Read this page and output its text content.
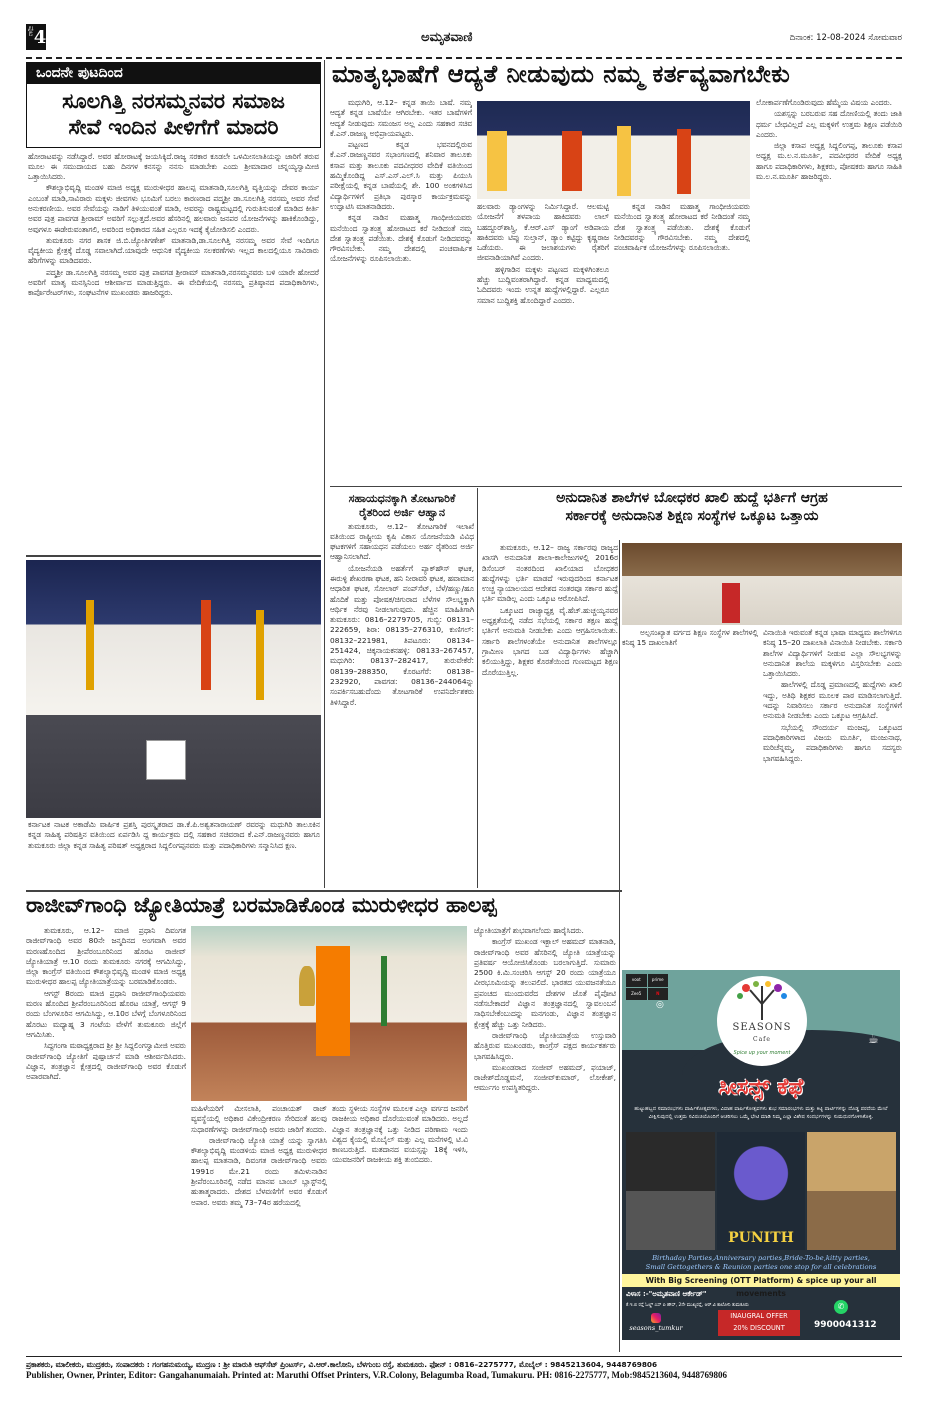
ಪುಟ
4	ಅಮೃತವಾಣಿ	ದಿನಾಂಕ: 12-08-2024 ಸೋಮವಾರ
ಒಂದನೇ ಪುಟದಿಂದ
ಸೂಲಗಿತ್ತಿ ನರಸಮ್ಮನವರ ಸಮಾಜ
ಸೇವೆ ಇಂದಿನ ಪೀಳಿಗೆಗೆ ಮಾದರಿ

ಹೋರಾಟವನ್ನು ನಡೆಸಿದ್ದಾರೆ. ಅವರ ಹೋರಾಟಕ್ಕೆ ಜಯಸಿಕ್ಕಿದೆ.ರಾಜ್ಯ ಸರಕಾರ ಕೂಡಲೇ ಒಳಮೀಸಲಾತಿಯನ್ನು ಜಾರಿಗೆ ತರುವ ಮೂಲ ಈ ಸಮುದಾಯದ ಬಹು ದಿನಗಳ ಕನಸನ್ನು ನನಸು ಮಾಡಬೇಕು ಎಂದು ಶ್ರೀಮಾದಾರ ಚನ್ನಯ್ಯಸ್ವಾಮೀಜಿ ಒತ್ತಾಯಿಸಿದರು.

ಕೌಶಲ್ಯಾಭಿವೃದ್ದಿ ಮಂಡಳಿ ಮಾಜಿ ಅಧ್ಯಕ್ಷ ಮುರುಳೀಧರ ಹಾಲಪ್ಪ ಮಾತನಾಡಿ,ಸೂಲಗಿತ್ತಿ ವೃತ್ತಿಯನ್ನು ದೇವರ ಕಾರ್ಯ ಎಂಬಂತೆ ಮಾಡಿ,ಸಾವಿರಾರು ಮಕ್ಕಳು ಜೀವಗಳು ಭೂಮಿಗೆ ಬರಲು ಕಾರಣರಾದ ಪದ್ಮಶ್ರೀ ಡಾ.ಸೂಲಗಿತ್ತಿ ನರಸಮ್ಮ ಅವರ ಸೇವೆ ಅನುಕರಣೀಯ. ಅವರ ಸೇವೆಯನ್ನು ನಾಡಿಗೆ ತಿಳಿಯುವಂತೆ ಮಾಡಿ, ಅವರನ್ನು ರಾಷ್ಟ್ರಮಟ್ಟದಲ್ಲಿ ಗುರುತಿಸುವಂತೆ ಮಾಡಿದ ಕೀರ್ತಿ ಅವರ ಪುತ್ರ ಪಾವಗಡ ಶ್ರೀರಾಮ್ ಅವರಿಗೆ ಸಲ್ಲುತ್ತದೆ.ಅವರ ಹೆಸರಿನಲ್ಲಿ ಹಲವಾರು ಜನಪರ ಯೋಜನೆಗಳನ್ನು ಹಾಕಿಕೊಂಡಿದ್ದು, ಅವುಗಳೂ ಈಡೇರುವಂತಾಗಲಿ, ಅವರಿಂದ ಅಧಿಕಾರದ ಸಹಿತ ಎಲ್ಲರೂ ಇದಕ್ಕೆ ಕೈಜೋಡಿಸಲಿ ಎಂದರು.

ತುಮಕೂರು ನಗರ ಶಾಸಕ ಜಿ.ಬಿ.ಜ್ಯೋತಿಗಣೇಶ್ ಮಾತನಾಡಿ,ಡಾ.ಸೂಲಗಿತ್ತಿ ನರಸಮ್ಮ ಅವರ ಸೇವೆ ಇಂದಿಗೂ ವೈದ್ಯಕೀಯ ಕ್ಷೇತ್ರಕ್ಕೆ ದೊಡ್ಡ ಸವಾಲಾಗಿದೆ.ಯಾವುದೇ ಆಧುನಿಕ ವೈದ್ಯಕೀಯ ಸಲಕರಣೆಗಳು ಇಲ್ಲದ ಕಾಲದಲ್ಲಿಯೂ ಸಾವಿರಾರು ಹೆರಿಗೆಗಳನ್ನು ಮಾಡಿದವರು.

ಪದ್ಮಶ್ರೀ ಡಾ.ಸೂಲಗಿತ್ತಿ ನರಸಮ್ಮ ಅವರ ಪುತ್ರ ಪಾವಗಡ ಶ್ರೀರಾಮ್ ಮಾತನಾಡಿ,ನರಸಮ್ಮನವರು ಬಳಿ ಯಾರೇ ಹೋದರೆ ಅವರಿಗೆ ಮಾತೃ ಮನಸ್ಸಿನಿಂದ ಆಶೀರ್ವಾದ ಮಾಡುತ್ತಿದ್ದರು. ಈ ವೇದಿಕೆಯಲ್ಲಿ ನರಸಮ್ಮ ಪ್ರತಿಷ್ಠಾನದ ಪದಾಧಿಕಾರಿಗಳು, ಕಾರ್ಪೊರೇಟರ್‌ಗಳು, ಸಂಘಟನೆಗಳ ಮುಖಂಡರು ಹಾಜರಿದ್ದರು.

ಕರ್ನಾಟಕ ನಾಟಕ ಅಕಾಡೆಮಿ ವಾರ್ಷಿಕ ಪ್ರಶಸ್ತಿ ಪುರಸ್ಕೃತರಾದ ಡಾ.ಕೆ.ಪಿ.ಅಶ್ವತನಾರಾಯಣ್ ರವರನ್ನು ಮಧುಗಿರಿ ತಾಲೂಕಿನ ಕನ್ನಡ ಸಾಹಿತ್ಯ ಪರಿಷತ್ತಿನ ವತಿಯಿಂದ ಏರ್ಪಡಿಸಿ ದ್ದ ಕಾರ್ಯಕ್ರಮ ದಲ್ಲಿ ಸಹಕಾರ ಸಚಿವರಾದ ಕೆ.ಎನ್.ರಾಜಣ್ಣನವರು ಹಾಗೂ ತುಮಕೂರು ಜಿಲ್ಲಾ ಕನ್ನಡ ಸಾಹಿತ್ಯ ಪರಿಷತ್ ಅಧ್ಯಕ್ಷರಾದ ಸಿದ್ದಲಿಂಗಪ್ಪನವರು ಮತ್ತು ಪದಾಧಿಕಾರಿಗಳು ಸನ್ಮಾನಿಸಿದ ಕ್ಷಣ.
ಮಾತೃಭಾಷೆಗೆ ಆದ್ಯತೆ ನೀಡುವುದು ನಮ್ಮ ಕರ್ತವ್ಯವಾಗಬೇಕು

ಮಧುಗಿರಿ, ಆ.12– ಕನ್ನಡ ತಾಯಿ ಬಾಷೆ. ನಮ್ಮ ಆದ್ಯತೆ ಕನ್ನಡ ಬಾಷೆಯೇ ಆಗಿರಬೇಕು. ಇತರ ಬಾಷೆಗಳಿಗೆ ಆದ್ಯತೆ ನೀಡುವುದು ಸಮಂಜಸ ಅಲ್ಲ ಎಂದು ಸಹಕಾರ ಸಚಿವ ಕೆ.ಎನ್.ರಾಜಣ್ಣ ಅಭಿಪ್ರಾಯಪಟ್ಟರು.

ಪಟ್ಟಣದ ಕನ್ನಡ ಭವನದಲ್ಲಿರುವ ಕೆ.ಎನ್.ರಾಜಣ್ಣನವರ ಸಭಾಂಗಣದಲ್ಲಿ ಶನಿವಾರ ತಾಲೂಕು ಕಸಾಪ ಮತ್ತು ತಾಲೂಕು ಪದವೀಧರರ ವೇದಿಕೆ ವತಿಯಿಂದ ಹಮ್ಮಿಕೊಂಡಿದ್ದ ಎಸ್.ಎಸ್.ಎಲ್.ಸಿ ಮತ್ತು ಪಿಯುಸಿ ಪರೀಕ್ಷೆಯಲ್ಲಿ ಕನ್ನಡ ಬಾಷೆಯಲ್ಲಿ ಶೇ. 100 ಅಂಕಗಳಿಸಿದ ವಿದ್ಯಾರ್ಥಿಗಳಿಗೆ ಪ್ರತಿಭಾ ಪುರಸ್ಕಾರ ಕಾರ್ಯಕ್ರಮವನ್ನು ಉದ್ಘಾಟಿಸಿ ಮಾತನಾಡಿದರು.

ಕನ್ನಡ ನಾಡಿನ ಮಹಾತ್ಮ ಗಾಂಧೀಜಿಯವರು ಮನೆಯಿಂದ ಸ್ವಾತಂತ್ರ್ಯ ಹೋರಾಟದ ಕರೆ ನೀಡಿದಂತೆ ನಮ್ಮ ದೇಶ ಸ್ವಾತಂತ್ರ್ಯ ಪಡೆಯಿತು. ದೇಶಕ್ಕೆ ಕೊಡುಗೆ ನೀಡಿದವರನ್ನು ಗೌರವಿಸಬೇಕು. ನಮ್ಮ ದೇಶದಲ್ಲಿ ಪಂಚವಾರ್ಷಿಕ ಯೋಜನೆಗಳನ್ನು ರೂಪಿಸಲಾಯಿತು.

ಹಲವಾರು ಡ್ಯಾಂಗಳನ್ನು ನಿರ್ಮಿಸಿದ್ದಾರೆ. ಆಲಮಟ್ಟಿ ಯೋಜನೆಗೆ ತಳಪಾಯ ಹಾಕಿದವರು ಲಾಲ್ ಬಹದ್ದೂರ್‌ಶಾಸ್ತ್ರಿ, ಕೆ.ಆರ್.ಎಸ್ ಡ್ಯಾಂಗೆ ಅಡಿಪಾಯ ಹಾಕಿದವರು ಟಿಪ್ಪು ಸುಲ್ತಾನ್, ಡ್ಯಾಂ ಕಟ್ಟಿದ್ದು ಕೃಷ್ಣರಾಜ ಒಡೆಯರು. ಈ ಜಲಾಶಯಗಳು ರೈತರಿಗೆ ಜೀವನಾಡಿಯಾಗಿವೆ ಎಂದರು.

ಹಳ್ಳಿಗಾಡಿನ ಮಕ್ಕಳು ಪಟ್ಟಣದ ಮಕ್ಕಳಿಗಿಂತಲೂ ಹೆಚ್ಚು ಬುದ್ದಿವಂತರಾಗಿದ್ದಾರೆ. ಕನ್ನಡ ಮಾಧ್ಯಮದಲ್ಲಿ ಓದಿದವರು ಇಂದು ಉನ್ನತ ಹುದ್ದೆಗಳಲ್ಲಿದ್ದಾರೆ. ಎಲ್ಲರೂ ಸಮಾನ ಬುದ್ದಿಶಕ್ತಿ ಹೊಂದಿದ್ದಾರೆ ಎಂದರು.

ಕನ್ನಡ ನಾಡಿನ ಮಹಾತ್ಮ ಗಾಂಧೀಜಿಯವರು ಮನೆಯಿಂದ ಸ್ವಾತಂತ್ರ್ಯ ಹೋರಾಟದ ಕರೆ ನೀಡಿದಂತೆ ನಮ್ಮ ದೇಶ ಸ್ವಾತಂತ್ರ್ಯ ಪಡೆಯಿತು. ದೇಶಕ್ಕೆ ಕೊಡುಗೆ ನೀಡಿದವರನ್ನು ಗೌರವಿಸಬೇಕು. ನಮ್ಮ ದೇಶದಲ್ಲಿ ಪಂಚವಾರ್ಷಿಕ ಯೋಜನೆಗಳನ್ನು ರೂಪಿಸಲಾಯಿತು.

ಲೋಕಾರ್ಪಣೆಗೊಂಡಿರುವುದು ಹೆಮ್ಮೆಯ ವಿಷಯ ಎಂದರು.

ಯಶಸ್ಸನ್ನು ಬರಬರುವ ಸಹ ದೋಣಿಯಲ್ಲಿ ತಂದು ಜಾತಿ ಧರ್ಮ ಬೇಧವಿಲ್ಲದೆ ಎಲ್ಲ ಮಕ್ಕಳಿಗೆ ಉತ್ತಮ ಶಿಕ್ಷಣ ಪಡೆಯಿರಿ ಎಂದರು.

ಜಿಲ್ಲಾ ಕಸಾಪ ಅಧ್ಯಕ್ಷ ಸಿದ್ದಲಿಂಗಪ್ಪ, ತಾಲೂಕು ಕಸಾಪ ಅಧ್ಯಕ್ಷ ಮ.ಲ.ನ.ಮೂರ್ತಿ, ಪದವೀಧರರ ವೇದಿಕೆ ಅಧ್ಯಕ್ಷ ಹಾಗೂ ಪದಾಧಿಕಾರಿಗಳು, ಶಿಕ್ಷಕರು, ಪೋಷಕರು ಹಾಗೂ ಸಾಹಿತಿ ಮ.ಲ.ನ.ಮೂರ್ತಿ ಹಾಜರಿದ್ದರು.

ಸಹಾಯಧನಕ್ಕಾಗಿ ತೋಟಗಾರಿಕೆ
ರೈತರಿಂದ ಅರ್ಜಿ ಆಹ್ವಾನ

ತುಮಕೂರು, ಆ.12– ತೋಟಗಾರಿಕೆ ಇಲಾಖೆ ವತಿಯಿಂದ ರಾಷ್ಟ್ರೀಯ ಕೃಷಿ ವಿಕಾಸ ಯೋಜನೆಯಡಿ ವಿವಿಧ ಘಟಕಗಳಿಗೆ ಸಹಾಯಧನ ಪಡೆಯಲು ಅರ್ಹ ರೈತರಿಂದ ಅರ್ಜಿ ಆಹ್ವಾನಿಸಲಾಗಿದೆ.

ಯೋಜನೆಯಡಿ ಅಹರ್ತೆಗೆ ಪ್ಯಾಕ್‌ಹೌಸ್ ಘಟಕ, ಈರುಳ್ಳಿ ಶೇಖರಣಾ ಘಟಕ, ಹನಿ ನೀರಾವರಿ ಘಟಕ, ಹವಾಮಾನ ಆಧಾರಿತ ಘಟಕ, ಸೋಲಾರ್ ಪಂಪ್‌ಸೆಟ್, ಬೆಳೆ/ಹಣ್ಣು/ಹೂ ಹೊದಿಕೆ ಮತ್ತು ಪೋಷಕ/ಚಿಗುರಾದ ಬೆಳೆಗಳ ಸೌಲಭ್ಯಕ್ಕಾಗಿ ಆರ್ಥಿಕ ನೆರವು ನೀಡಲಾಗುವುದು. ಹೆಚ್ಚಿನ ಮಾಹಿತಿಗಾಗಿ ತುಮಕೂರು: 0816–2279705, ಗುಬ್ಬಿ: 08131–222659, ಶಿರಾ: 08135–276310, ಕುಣಿಗಲ್: 08132–221981, ತಿಪಟೂರು: 08134–251424, ಚಿಕ್ಕನಾಯಕನಹಳ್ಳಿ: 08133–267457, ಮಧುಗಿರಿ: 08137–282417, ತುರುವೇಕೆರೆ: 08139–288350, ಕೊರಟಗೆರೆ: 08138–232920, ಪಾವಗಡ: 08136–244064ನ್ನು ಸಂಪರ್ಕಿಸಬಹುದೆಂದು ತೋಟಗಾರಿಕೆ ಉಪನಿರ್ದೇಶಕರು ತಿಳಿಸಿದ್ದಾರೆ.

ಅನುದಾನಿತ ಶಾಲೆಗಳ ಬೋಧಕರ ಖಾಲಿ ಹುದ್ದೆ ಭರ್ತಿಗೆ ಆಗ್ರಹ
ಸರ್ಕಾರಕ್ಕೆ ಅನುದಾನಿತ ಶಿಕ್ಷಣ ಸಂಸ್ಥೆಗಳ ಒಕ್ಕೂಟ ಒತ್ತಾಯ

ತುಮಕೂರು, ಆ.12– ರಾಜ್ಯ ಸರ್ಕಾರವು ರಾಜ್ಯದ ಖಾಸಗಿ ಅನುದಾನಿತ ಶಾಲಾ-ಕಾಲೇಜುಗಳಲ್ಲಿ 2016ರ ಡಿಸೆಂಬರ್ ನಂತರದಿಂದ ಖಾಲಿಯಾದ ಬೋಧಕರ ಹುದ್ದೆಗಳನ್ನು ಭರ್ತಿ ಮಾಡದೆ ಇರುವುದರಿಂದ ಕರ್ನಾಟಕ ಉಚ್ಚ ನ್ಯಾಯಾಲಯದ ಆದೇಶದ ನಂತರವೂ ಸರ್ಕಾರ ಹುದ್ದೆ ಭರ್ತಿ ಮಾಡಿಲ್ಲ ಎಂದು ಒಕ್ಕೂಟ ಆರೋಪಿಸಿದೆ.

ಒಕ್ಕೂಟದ ರಾಜ್ಯಾಧ್ಯಕ್ಷ ವೈ.ಹೆಚ್.ಹುಚ್ಚಯ್ಯನವರ ಅಧ್ಯಕ್ಷತೆಯಲ್ಲಿ ನಡೆದ ಸಭೆಯಲ್ಲಿ ಸರ್ಕಾರ ತಕ್ಷಣ ಹುದ್ದೆ ಭರ್ತಿಗೆ ಅನುಮತಿ ನೀಡಬೇಕು ಎಂದು ಆಗ್ರಹಿಸಲಾಯಿತು. ಸರ್ಕಾರಿ ಶಾಲೆಗಳಂತೆಯೇ ಅನುದಾನಿತ ಶಾಲೆಗಳಲ್ಲೂ ಗ್ರಾಮೀಣ ಭಾಗದ ಬಡ ವಿದ್ಯಾರ್ಥಿಗಳು ಹೆಚ್ಚಾಗಿ ಕಲಿಯುತ್ತಿದ್ದು, ಶಿಕ್ಷಕರ ಕೊರತೆಯಿಂದ ಗುಣಮಟ್ಟದ ಶಿಕ್ಷಣ ದೊರೆಯುತ್ತಿಲ್ಲ.

ಅಲ್ಪಸಂಖ್ಯಾತ ವರ್ಗದ ಶಿಕ್ಷಣ ಸಂಸ್ಥೆಗಳ ಶಾಲೆಗಳಲ್ಲಿ ಕನಿಷ್ಠ 15 ದಾಖಲಾತಿಗೆ

ವಿನಾಯಿತಿ ಇರುವಂತೆ ಕನ್ನಡ ಭಾಷಾ ಮಾಧ್ಯಮ ಶಾಲೆಗಳಿಗೂ ಕನಿಷ್ಠ 15–20 ದಾಖಲಾತಿ ವಿನಾಯಿತಿ ನೀಡಬೇಕು. ಸರ್ಕಾರಿ ಶಾಲೆಗಳ ವಿದ್ಯಾರ್ಥಿಗಳಿಗೆ ನೀಡುವ ಎಲ್ಲಾ ಸೌಲಭ್ಯಗಳನ್ನು ಅನುದಾನಿತ ಶಾಲೆಯ ಮಕ್ಕಳಿಗೂ ವಿಸ್ತರಿಸಬೇಕು ಎಂದು ಒತ್ತಾಯಿಸಿದರು.

ಹಾಲೆಗಳಲ್ಲಿ ದೊಡ್ಡ ಪ್ರಮಾಣದಲ್ಲಿ ಹುದ್ದೆಗಳು ಖಾಲಿ ಇದ್ದು, ಅತಿಥಿ ಶಿಕ್ಷಕರ ಮೂಲಕ ಪಾಠ ಮಾಡಿಸಲಾಗುತ್ತಿದೆ. ಇದನ್ನು ನಿವಾರಿಸಲು ಸರ್ಕಾರ ಅನುದಾನಿತ ಸಂಸ್ಥೆಗಳಿಗೆ ಅನುಮತಿ ನೀಡಬೇಕು ಎಂದು ಒಕ್ಕೂಟ ಆಗ್ರಹಿಸಿದೆ.

ಸಭೆಯಲ್ಲಿ ಸೌಂದರ್ಯ ಮಂಜಪ್ಪ, ಒಕ್ಕೂಟದ ಪದಾಧಿಕಾರಿಗಳಾದ ವಿಜಯ ಮೂರ್ತಿ, ಮಂಜುನಾಥ, ಮರಿಚೆನ್ನಮ್ಮ, ಪದಾಧಿಕಾರಿಗಳು ಹಾಗೂ ಸದಸ್ಯರು ಭಾಗವಹಿಸಿದ್ದರು.

ರಾಜೀವ್‌ಗಾಂಧಿ ಜ್ಯೋತಿಯಾತ್ರೆ ಬರಮಾಡಿಕೊಂಡ ಮುರುಳೀಧರ ಹಾಲಪ್ಪ

ತುಮಕೂರು, ಆ.12– ಮಾಜಿ ಪ್ರಧಾನಿ ದಿವಂಗತ ರಾಜೀವ್‌ಗಾಂಧಿ ಅವರ 80ನೇ ಜನ್ಮದಿನದ ಅಂಗವಾಗಿ ಅವರ ಮರಣಹೊಂದಿದ ಶ್ರೀಪೆರಂಬೂರಿನಿಂದ ಹೊರಟ ರಾಜೀವ್ ಜ್ಯೋತಿಯಾತ್ರೆ ಆ.10 ರಂದು ತುಮಕೂರು ನಗರಕ್ಕೆ ಆಗಮಿಸಿದ್ದು, ಜಿಲ್ಲಾ ಕಾಂಗ್ರೆಸ್ ವತಿಯಿಂದ ಕೌಶಲ್ಯಾಭಿವೃದ್ದಿ ಮಂಡಳಿ ಮಾಜಿ ಅಧ್ಯಕ್ಷ ಮುರುಳೀಧರ ಹಾಲಪ್ಪ ಜ್ಯೋತಿಯಾತ್ರೆಯನ್ನು ಬರಮಾಡಿಕೊಂಡರು.

ಆಗಸ್ಟ್ 8ರಂದು ಮಾಜಿ ಪ್ರಧಾನಿ ರಾಜೀವ್‌ಗಾಂಧಿಯವರು ಮರಣ ಹೊಂದಿದ ಶ್ರೀಪೆರಂಬೂರಿನಿಂದ ಹೊರಟ ಯಾತ್ರೆ, ಆಗಸ್ಟ್ 9 ರಂದು ಬೆಂಗಳೂರಿನ ಆಗಮಿಸಿದ್ದು, ಆ.10ರ ಬೆಳಗ್ಗೆ ಬೆಂಗಳೂರಿನಿಂದ ಹೊರಟು ಮಧ್ಯಾಹ್ನ 3 ಗಂಟೆಯ ವೇಳೆಗೆ ತುಮಕೂರು ಜಿಲ್ಲೆಗೆ ಆಗಮಿಸಿತು.

ಸಿದ್ದಗಂಗಾ ಮಠಾಧ್ಯಕ್ಷರಾದ ಶ್ರೀ ಶ್ರೀ ಸಿದ್ದಲಿಂಗಸ್ವಾಮೀಜಿ ಅವರು ರಾಜೀವ್‌ಗಾಂಧಿ ಜ್ಯೋತಿಗೆ ಪುಷ್ಪಾರ್ಚನೆ ಮಾಡಿ ಆಶೀರ್ವದಿಸಿದರು. ವಿಜ್ಞಾನ, ತಂತ್ರಜ್ಞಾನ ಕ್ಷೇತ್ರದಲ್ಲಿ ರಾಜೀವ್‌ಗಾಂಧಿ ಅವರ ಕೊಡುಗೆ ಅಪಾರವಾಗಿದೆ.

ಮಹಿಳೆಯರಿಗೆ ಮೀಸಲಾತಿ, ಪಂಚಾಯತ್ ರಾಜ್ ವ್ಯವಸ್ಥೆಯಲ್ಲಿ ಅಧಿಕಾರ ವಿಕೇಂದ್ರೀಕರಣ ಸೇರಿದಂತೆ ಹಲವು ಸುಧಾರಣೆಗಳನ್ನು ರಾಜೀವ್‌ಗಾಂಧಿ ಅವರು ಜಾರಿಗೆ ತಂದರು.

ರಾಜೀವ್‌ಗಾಂಧಿ ಜ್ಯೋತಿ ಯಾತ್ರೆ ಯನ್ನು ಸ್ವಾಗತಿಸಿ ಕೌಶಲ್ಯಾಭಿವೃದ್ದಿ ಮಂಡಳಿಯ ಮಾಜಿ ಅಧ್ಯಕ್ಷ ಮುರುಳೀಧರ ಹಾಲಪ್ಪ ಮಾತನಾಡಿ, ದಿವಂಗತ ರಾಜೀವ್‌ಗಾಂಧಿ ಅವರು 1991ರ ಮೇ.21 ರಂದು ತಮಿಳುನಾಡಿನ ಶ್ರೀಪೆರಂಬೂರಿನಲ್ಲಿ ನಡೆದ ಮಾನವ ಬಾಂಬ್ ಬ್ಲಾಸ್ಟ್‌ನಲ್ಲಿ ಹುತಾತ್ಮರಾದರು. ದೇಶದ ಬೆಳವಣಿಗೆಗೆ ಅವರ ಕೊಡುಗೆ ಅಪಾರ. ಅವರು ತಮ್ಮ 73–74ರ ಹರೆಯದಲ್ಲಿ

ತಂದು ಸ್ಥಳೀಯ ಸಂಸ್ಥೆಗಳ ಮೂಲಕ ಎಲ್ಲಾ ವರ್ಗದ ಜನರಿಗೆ ರಾಜಕೀಯ ಅಧಿಕಾರ ದೊರೆಯುವಂತೆ ಮಾಡಿದರು. ಅಲ್ಲದೆ ವಿಜ್ಞಾನ ತಂತ್ರಜ್ಞಾನಕ್ಕೆ ಒತ್ತು ನೀಡಿದ ಪರಿಣಾಮ ಇಂದು ವಿಶ್ವದ ಕೈಯಲ್ಲಿ ಮೊಬೈಲ್ ಮತ್ತು ಎಲ್ಲ ಮನೆಗಳಲ್ಲಿ ಟಿ.ವಿ ಕಾಣಬರುತ್ತಿದೆ. ಮತದಾನದ ವಯಸ್ಸನ್ನು 18ಕ್ಕೆ ಇಳಿಸಿ, ಯುವಜನರಿಗೆ ರಾಜಕೀಯ ಶಕ್ತಿ ತುಂಬಿದರು.

ಜ್ಯೋತಿಯಾತ್ರೆಗೆ ಶುಭವಾಗಲೆಂದು ಹಾರೈಸಿದರು.

ಕಾಂಗ್ರೆಸ್ ಮುಖಂಡ ಇಕ್ಬಾಲ್ ಅಹಮದ್ ಮಾತನಾಡಿ, ರಾಜೀವ್‌ಗಾಂಧಿ ಅವರ ಹೆಸರಿನಲ್ಲಿ ಜ್ಯೋತಿ ಯಾತ್ರೆಯನ್ನು ಪ್ರತಿವರ್ಷ ಆಯೋಜಿಸಿಕೊಂಡು ಬರಲಾಗುತ್ತಿದೆ. ಸುಮಾರು 2500 ಕಿ.ಮಿ.ಸಂಚರಿಸಿ ಆಗಸ್ಟ್ 20 ರಂದು ಯಾತ್ರೆಯೂ ವೀರಭೂಮಿಯನ್ನು ತಲುಪಲಿದೆ. ಭಾರತದ ಯುವಜನತೆಯೂ ಪ್ರಪಂಚದ ಮುಂದುವರೆದ ದೇಶಗಳ ಜೊತೆ ಪೈಪೋಟಿ ನಡೆಸಬೇಕಾದರೆ ವಿಜ್ಞಾನ ತಂತ್ರಜ್ಞಾನದಲ್ಲಿ ಸ್ವಾವಲಂಬನೆ ಸಾಧಿಸಬೇಕೆಂಬುದನ್ನು ಮನಗಂಡು, ವಿಜ್ಞಾನ ತಂತ್ರಜ್ಞಾನ ಕ್ಷೇತ್ರಕ್ಕೆ ಹೆಚ್ಚು ಒತ್ತು ನೀಡಿದರು.

ರಾಜೀವ್‌ಗಾಂಧಿ ಜ್ಯೋತಿಯಾತ್ರೆಯ ಉಸ್ತುವಾರಿ ಹೊತ್ತಿರುವ ಮುಖಂಡರು, ಕಾಂಗ್ರೆಸ್ ಪಕ್ಷದ ಕಾರ್ಯಕರ್ತರು ಭಾಗವಹಿಸಿದ್ದರು.

ಮುಖಂಡರಾದ ಸಂಜೀವ್ ಅಹಮದ್, ಫಯಾಜ್, ರಾಜೇಶ್‌ದೊಡ್ಡಮನೆ, ಸಂಜೀವ್‌ಕುಮಾರ್, ಲೋಕೇಶ್, ಆರ್ಮುಗಂ ಉಪಸ್ಥಿತರಿದ್ದರು.

voot	prime
Zee5	N
◎
☕
SEASONS
Cafe
Spice up your moment
ಸೀಸನ್ಸ್ ಕೆಫೆ
ಹುಟ್ಟುಹಬ್ಬದ ಸಮಾರಂಭಗಳು ವಾರ್ಷಿಕೋತ್ಸವಗಳು, ವಿವಾಹ ವಾರ್ಷಿಕೋತ್ಸವಗಳು ಶುಭ ಸಮಾರಂಭಗಳು ಮತ್ತು ಕಿಟ್ಟಿ ಪಾರ್ಟಿಗಳನ್ನು ದೊಡ್ಡ ಪರದೆಯ ಮೇಲೆ ವೀಕ್ಷಿಸುವುದಲ್ಲಿ ಉತ್ತಮ ಸವಿರುಚಿಯೊಂದಿಗೆ ಆಚರಿಸಲು ಒಮ್ಮೆ ಭೇಟಿ ಮಾಡಿ ನಿಮ್ಮ ಎಲ್ಲಾ ವಿಶೇಷ ಸಂದರ್ಭಗಳನ್ನು ಸುಮಧುರಗೊಳಿಸಿಕೊಳ್ಳಿ.
PUNITH
Birthaday Parties,Anniversary parties,Bride-To-be,kitty parties,
Small Gettogethers & Reunion parties one stop for all celebrations
With Big Screening (OTT Platform) & spice up your all movements
ವಿಳಾಸ :-"ಅಮೃತವಾಣಿ ಆರ್ಕೇಡ್"
ಕೆ.ಇ.ಬಿ ರಸ್ತೆ ಓಲ್ಡ್ ಎಸ್ ಪಿ ಹೌಸ್, 2ನೇ ಮುಖ್ಯರಸ್ತೆ, ಆರ್.ವಿ ಕಾಲೋನಿ ತುಮಕೂರು
seasons_tumkur
INAUGRAL OFFER
20% DISCOUNT
✆
9900041312
ಪ್ರಕಾಶಕರು, ಮಾಲೀಕರು, ಮುದ್ರಕರು, ಸಂಪಾದಕರು : ಗಂಗಹನುಮಯ್ಯ, ಮುದ್ರಣ : ಶ್ರೀ ಮಾರುತಿ ಆಫ್‌ಸೆಟ್ ಪ್ರಿಂಟರ್ಸ್, ವಿ.ಆರ್.ಕಾಲೋನಿ, ಬೆಳಗುಂಬ ರಸ್ತೆ, ತುಮಕೂರು. ಫೋನ್ : 0816–2275777, ಮೊಬೈಲ್ : 9845213604, 9448769806
Publisher, Owner, Printer, Editor: Gangahanumaiah. Printed at: Maruthi Offset Printers, V.R.Colony, Belagumba Road, Tumakuru. PH: 0816-2275777, Mob:9845213604, 9448769806
